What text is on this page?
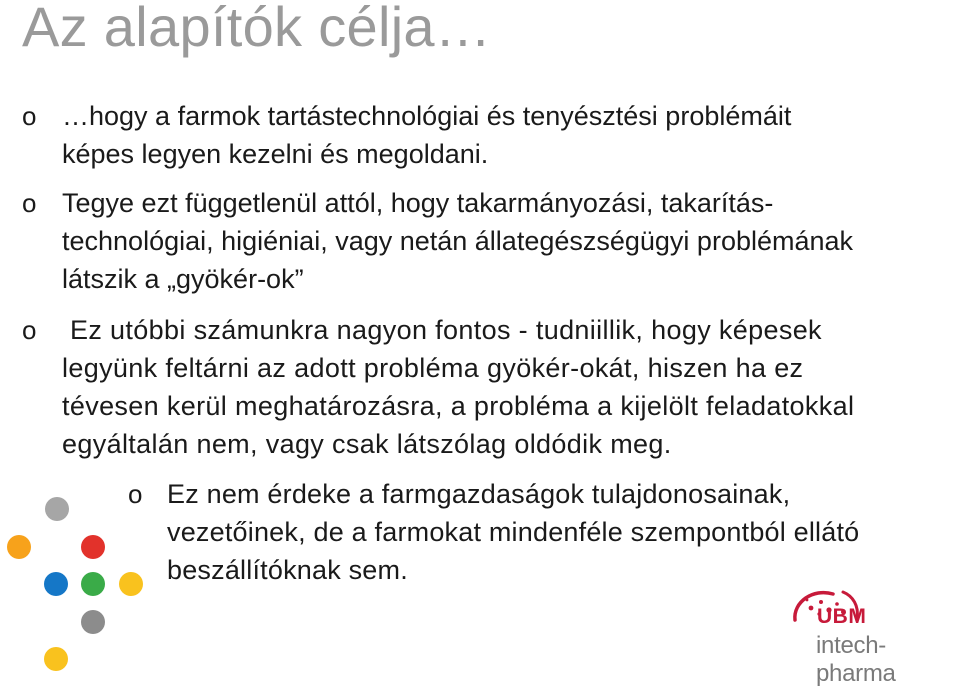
Az alapítók célja…
o …hogy a farmok tartástechnológiai és tenyésztési problémáit
képes legyen kezelni és megoldani.
o Tegye ezt függetlenül attól, hogy takarmányozási, takarítás-
technológiai, higiéniai, vagy netán állategészségügyi problémának
látszik a „gyökér-ok”
o Ez utóbbi számunkra nagyon fontos - tudniillik, hogy képesek
legyünk feltárni az adott probléma gyökér-okát, hiszen ha ez
tévesen kerül meghatározásra, a probléma a kijelölt feladatokkal
egyáltalán nem, vagy csak látszólag oldódik meg.
o Ez nem érdeke a farmgazdaságok tulajdonosainak,
vezetőinek, de a farmokat mindenféle szempontból ellátó
beszállítóknak sem.
UBM
intech-pharma
